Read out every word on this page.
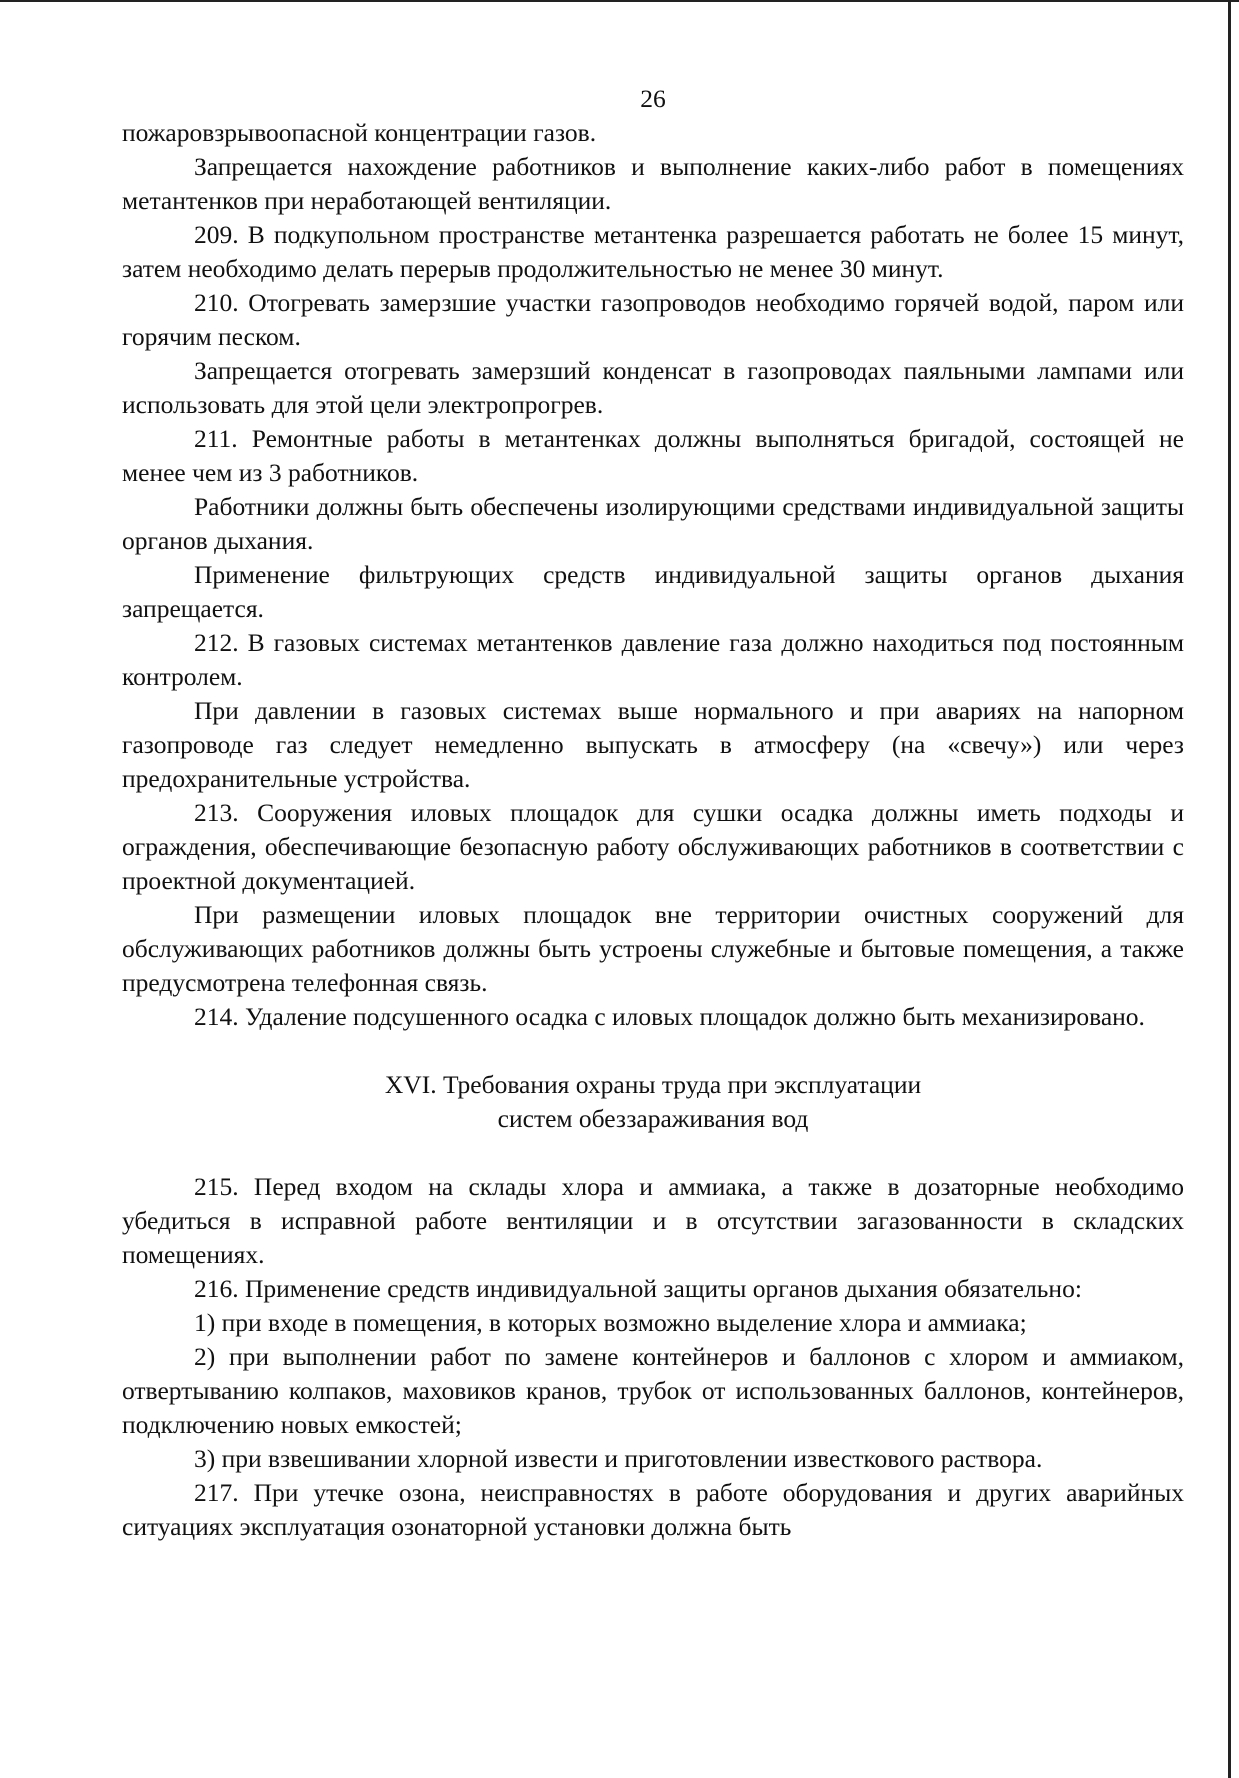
26

пожаровзрывоопасной концентрации газов.

Запрещается нахождение работников и выполнение каких-либо работ в помещениях метантенков при неработающей вентиляции.

209. В подкупольном пространстве метантенка разрешается работать не более 15 минут, затем необходимо делать перерыв продолжительностью не менее 30 минут.

210. Отогревать замерзшие участки газопроводов необходимо горячей водой, паром или горячим песком.

Запрещается отогревать замерзший конденсат в газопроводах паяльными лампами или использовать для этой цели электропрогрев.

211. Ремонтные работы в метантенках должны выполняться бригадой, состоящей не менее чем из 3 работников.

Работники должны быть обеспечены изолирующими средствами индивидуальной защиты органов дыхания.

Применение фильтрующих средств индивидуальной защиты органов дыхания запрещается.

212. В газовых системах метантенков давление газа должно находиться под постоянным контролем.

При давлении в газовых системах выше нормального и при авариях на напорном газопроводе газ следует немедленно выпускать в атмосферу (на «свечу») или через предохранительные устройства.

213. Сооружения иловых площадок для сушки осадка должны иметь подходы и ограждения, обеспечивающие безопасную работу обслуживающих работников в соответствии с проектной документацией.

При размещении иловых площадок вне территории очистных сооружений для обслуживающих работников должны быть устроены служебные и бытовые помещения, а также предусмотрена телефонная связь.

214. Удаление подсушенного осадка с иловых площадок должно быть механизировано.

XVI. Требования охраны труда при эксплуатации
систем обеззараживания вод

215. Перед входом на склады хлора и аммиака, а также в дозаторные необходимо убедиться в исправной работе вентиляции и в отсутствии загазованности в складских помещениях.

216. Применение средств индивидуальной защиты органов дыхания обязательно:

1) при входе в помещения, в которых возможно выделение хлора и аммиака;

2) при выполнении работ по замене контейнеров и баллонов с хлором и аммиаком, отвертыванию колпаков, маховиков кранов, трубок от использованных баллонов, контейнеров, подключению новых емкостей;

3) при взвешивании хлорной извести и приготовлении известкового раствора.

217. При утечке озона, неисправностях в работе оборудования и других аварийных ситуациях эксплуатация озонаторной установки должна быть
